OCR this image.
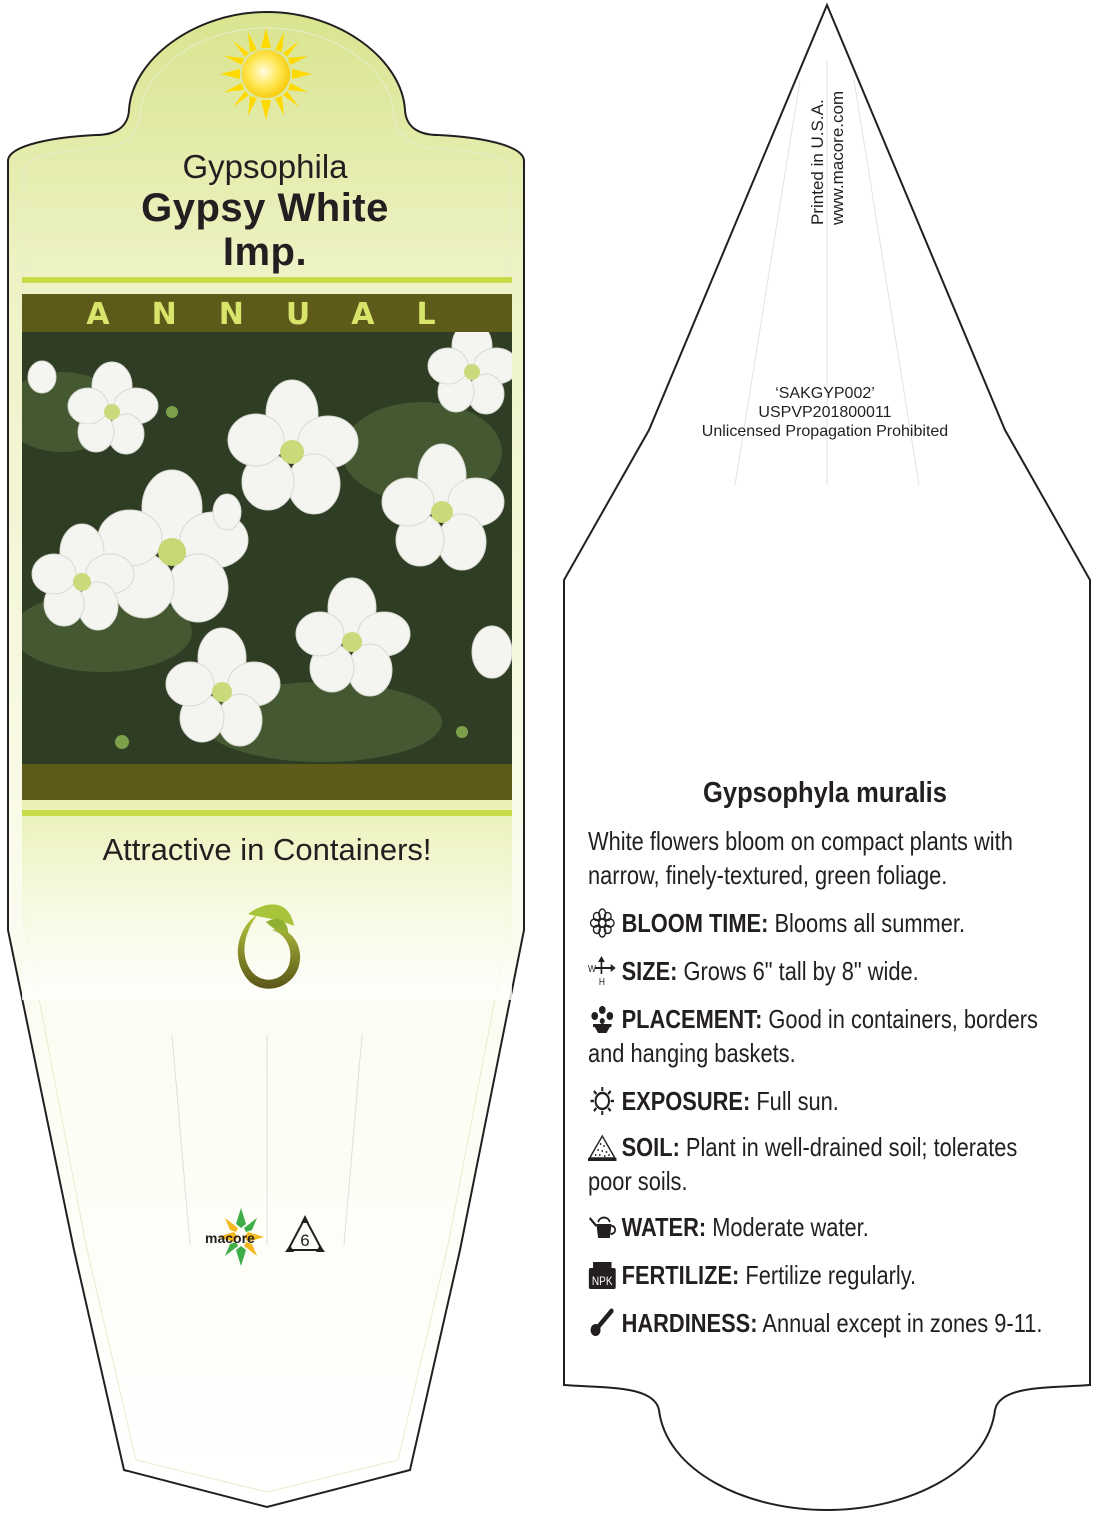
Gypsophila
Gypsy White
Imp.
ANNUAL
Attractive in Containers!
macore	6
Printed in U.S.A. www.macore.com
‘SAKGYP002’
USPVP201800011
Unlicensed Propagation Prohibited
Gypsophyla muralis
White flowers bloom on compact plants with narrow, finely-textured, green foliage.
BLOOM TIME: Blooms all summer.
W
H SIZE: Grows 6" tall by 8" wide.
PLACEMENT: Good in containers, borders and hanging baskets.
EXPOSURE: Full sun.
SOIL: Plant in well-drained soil; tolerates poor soils.
WATER: Moderate water.
NPK FERTILIZE: Fertilize regularly.
HARDINESS: Annual except in zones 9-11.
